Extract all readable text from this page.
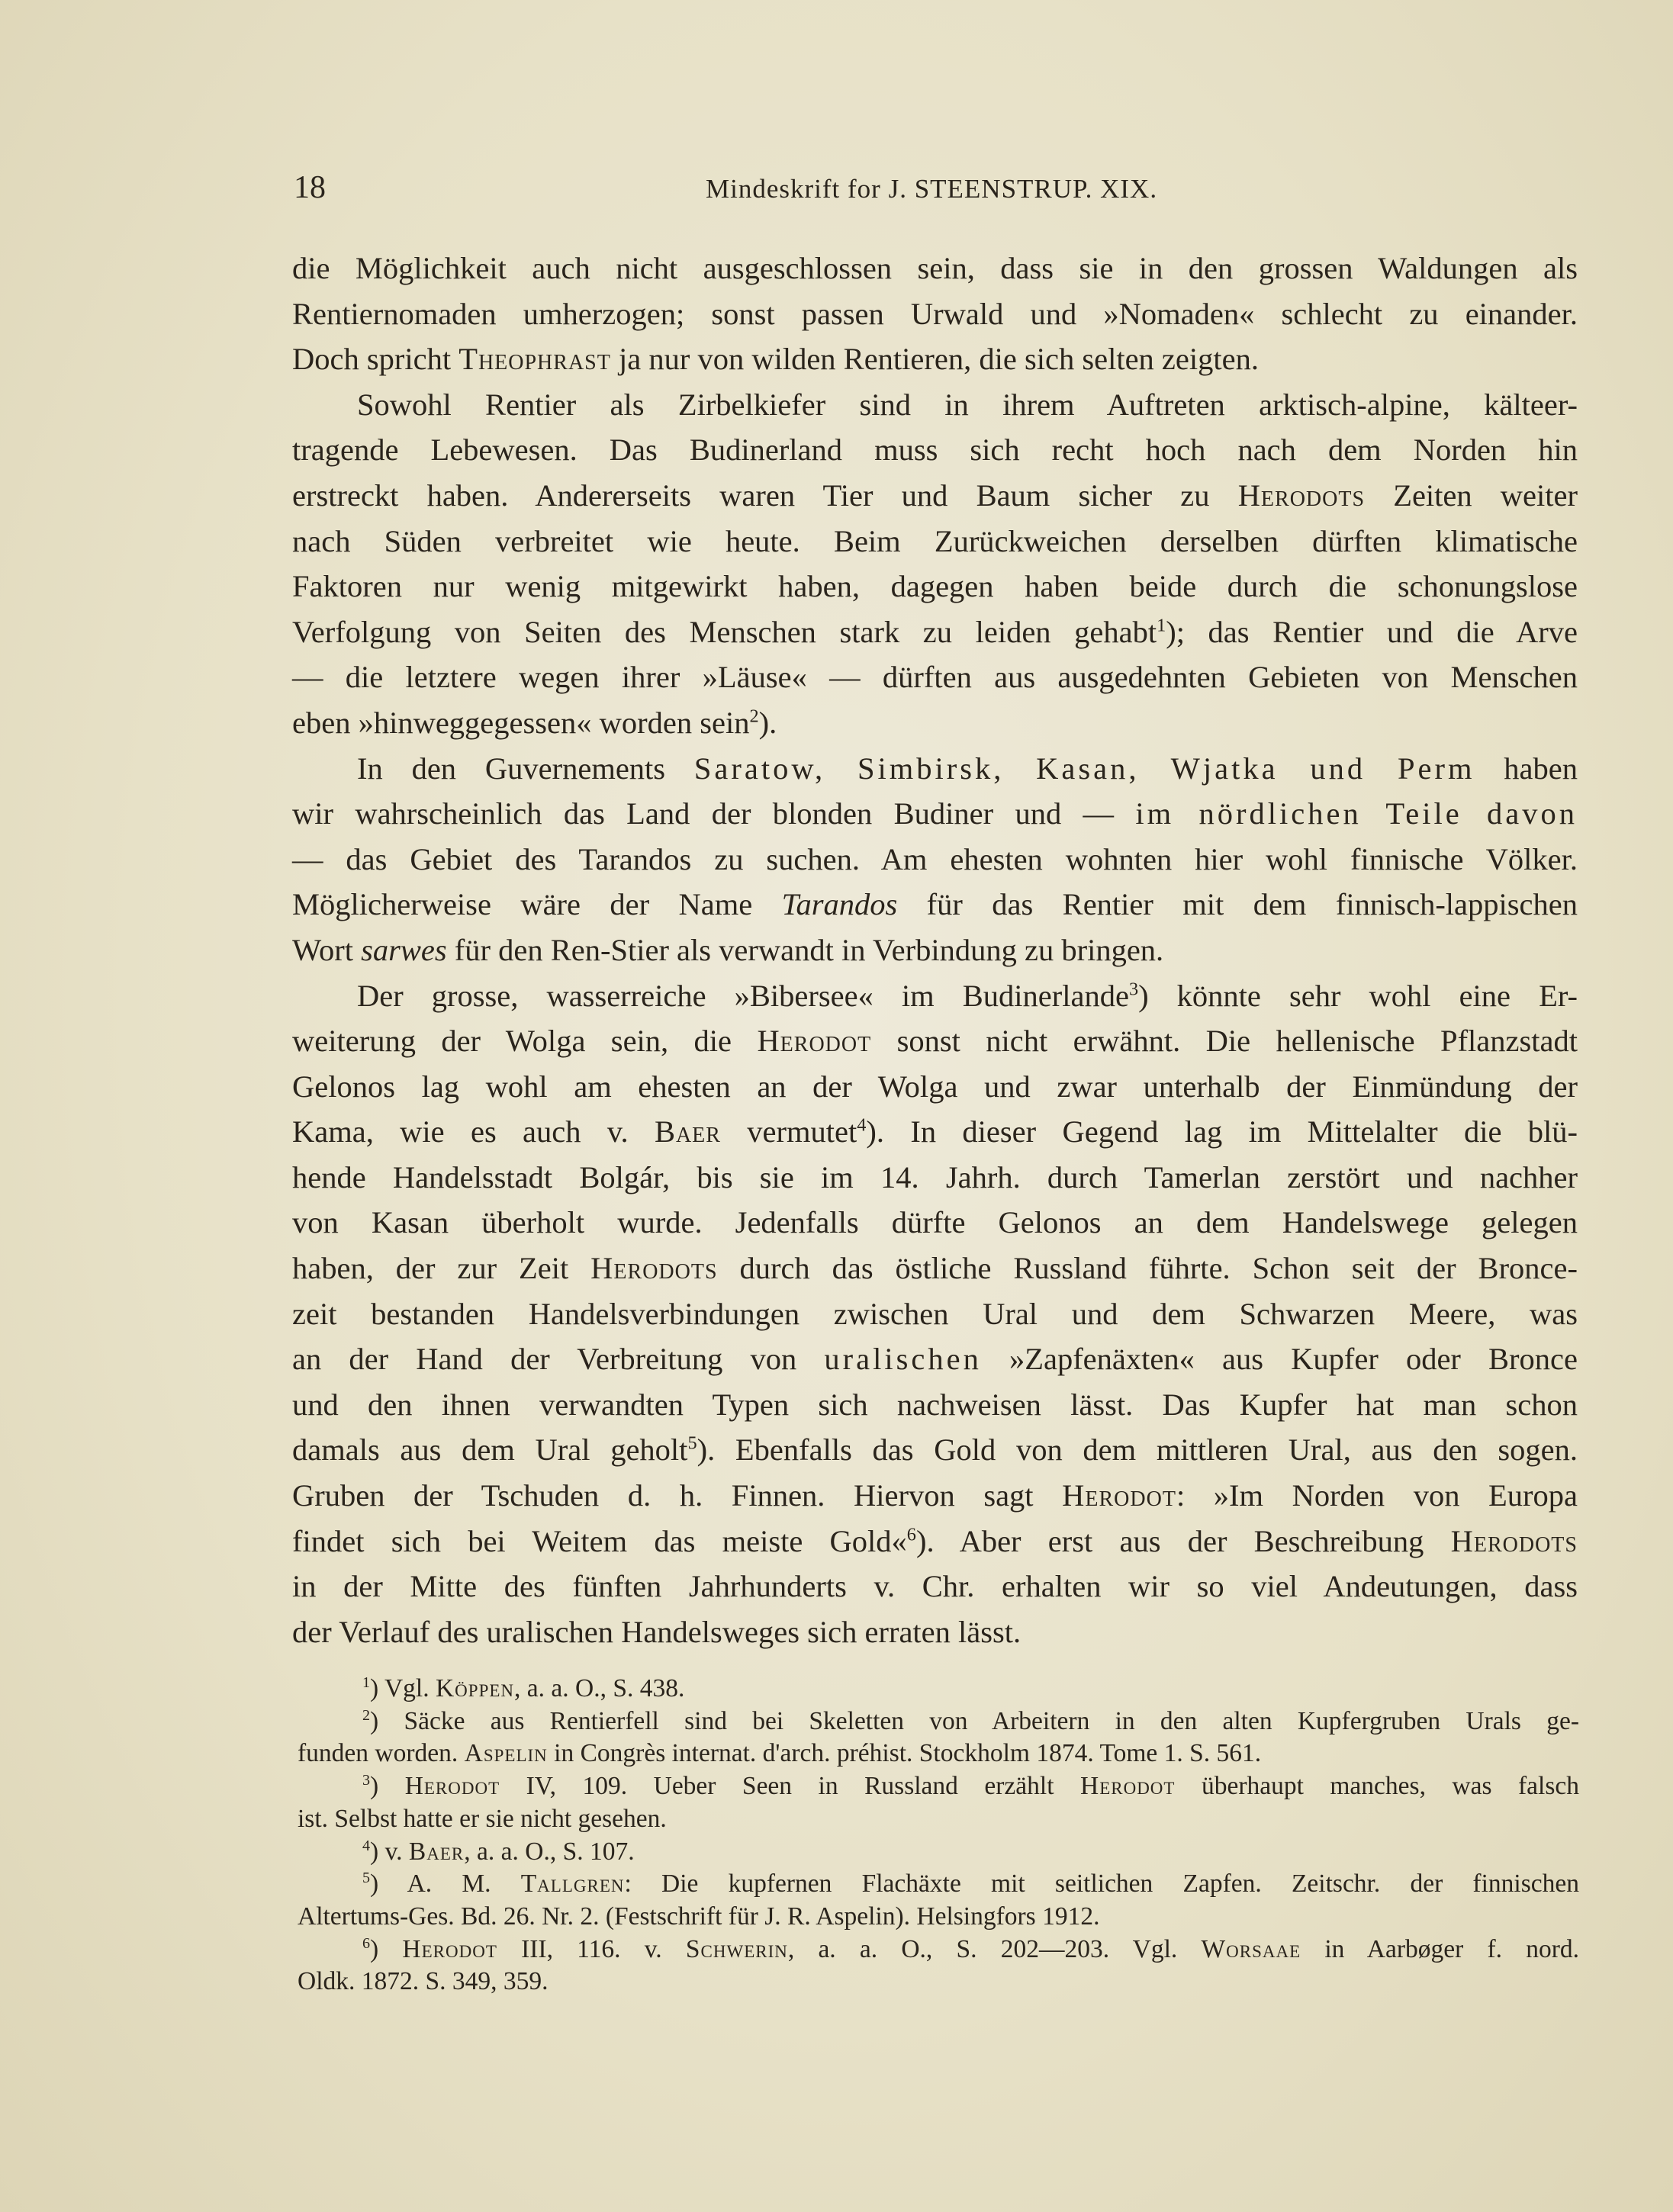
18	Mindeskrift for J. STEENSTRUP. XIX.
die Möglichkeit auch nicht ausgeschlossen sein, dass sie in den grossen Waldungen als
Rentiernomaden umherzogen; sonst passen Urwald und »Nomaden« schlecht zu einander.
Doch spricht Theophrast ja nur von wilden Rentieren, die sich selten zeigten.
Sowohl Rentier als Zirbelkiefer sind in ihrem Auftreten arktisch-alpine, kälteer-
tragende Lebewesen. Das Budinerland muss sich recht hoch nach dem Norden hin
erstreckt haben. Andererseits waren Tier und Baum sicher zu Herodots Zeiten weiter
nach Süden verbreitet wie heute. Beim Zurückweichen derselben dürften klimatische
Faktoren nur wenig mitgewirkt haben, dagegen haben beide durch die schonungslose
Verfolgung von Seiten des Menschen stark zu leiden gehabt$^1$); das Rentier und die Arve
— die letztere wegen ihrer »Läuse« — dürften aus ausgedehnten Gebieten von Menschen
eben »hinweggegessen« worden sein$^2$).
In den Guvernements Saratow, Simbirsk, Kasan, Wjatka und Perm haben
wir wahrscheinlich das Land der blonden Budiner und — im nördlichen Teile davon
— das Gebiet des Tarandos zu suchen. Am ehesten wohnten hier wohl finnische Völker.
Möglicherweise wäre der Name Tarandos für das Rentier mit dem finnisch-lappischen
Wort sarwes für den Ren-Stier als verwandt in Verbindung zu bringen.
Der grosse, wasserreiche »Bibersee« im Budinerlande$^3$) könnte sehr wohl eine Er-
weiterung der Wolga sein, die Herodot sonst nicht erwähnt. Die hellenische Pflanzstadt
Gelonos lag wohl am ehesten an der Wolga und zwar unterhalb der Einmündung der
Kama, wie es auch v. Baer vermutet$^4$). In dieser Gegend lag im Mittelalter die blü-
hende Handelsstadt Bolgár, bis sie im 14. Jahrh. durch Tamerlan zerstört und nachher
von Kasan überholt wurde. Jedenfalls dürfte Gelonos an dem Handelswege gelegen
haben, der zur Zeit Herodots durch das östliche Russland führte. Schon seit der Bronce-
zeit bestanden Handelsverbindungen zwischen Ural und dem Schwarzen Meere, was
an der Hand der Verbreitung von uralischen »Zapfenäxten« aus Kupfer oder Bronce
und den ihnen verwandten Typen sich nachweisen lässt. Das Kupfer hat man schon
damals aus dem Ural geholt$^5$). Ebenfalls das Gold von dem mittleren Ural, aus den sogen.
Gruben der Tschuden d. h. Finnen. Hiervon sagt Herodot: »Im Norden von Europa
findet sich bei Weitem das meiste Gold«$^6$). Aber erst aus der Beschreibung Herodots
in der Mitte des fünften Jahrhunderts v. Chr. erhalten wir so viel Andeutungen, dass
der Verlauf des uralischen Handelsweges sich erraten lässt.
$^1$) Vgl. Köppen, a. a. O., S. 438.
$^2$) Säcke aus Rentierfell sind bei Skeletten von Arbeitern in den alten Kupfergruben Urals ge-
funden worden. Aspelin in Congrès internat. d'arch. préhist. Stockholm 1874. Tome 1. S. 561.
$^3$) Herodot IV, 109. Ueber Seen in Russland erzählt Herodot überhaupt manches, was falsch
ist. Selbst hatte er sie nicht gesehen.
$^4$) v. Baer, a. a. O., S. 107.
$^5$) A. M. Tallgren: Die kupfernen Flachäxte mit seitlichen Zapfen. Zeitschr. der finnischen
Altertums-Ges. Bd. 26. Nr. 2. (Festschrift für J. R. Aspelin). Helsingfors 1912.
$^6$) Herodot III, 116. v. Schwerin, a. a. O., S. 202—203. Vgl. Worsaae in Aarbøger f. nord.
Oldk. 1872. S. 349, 359.
